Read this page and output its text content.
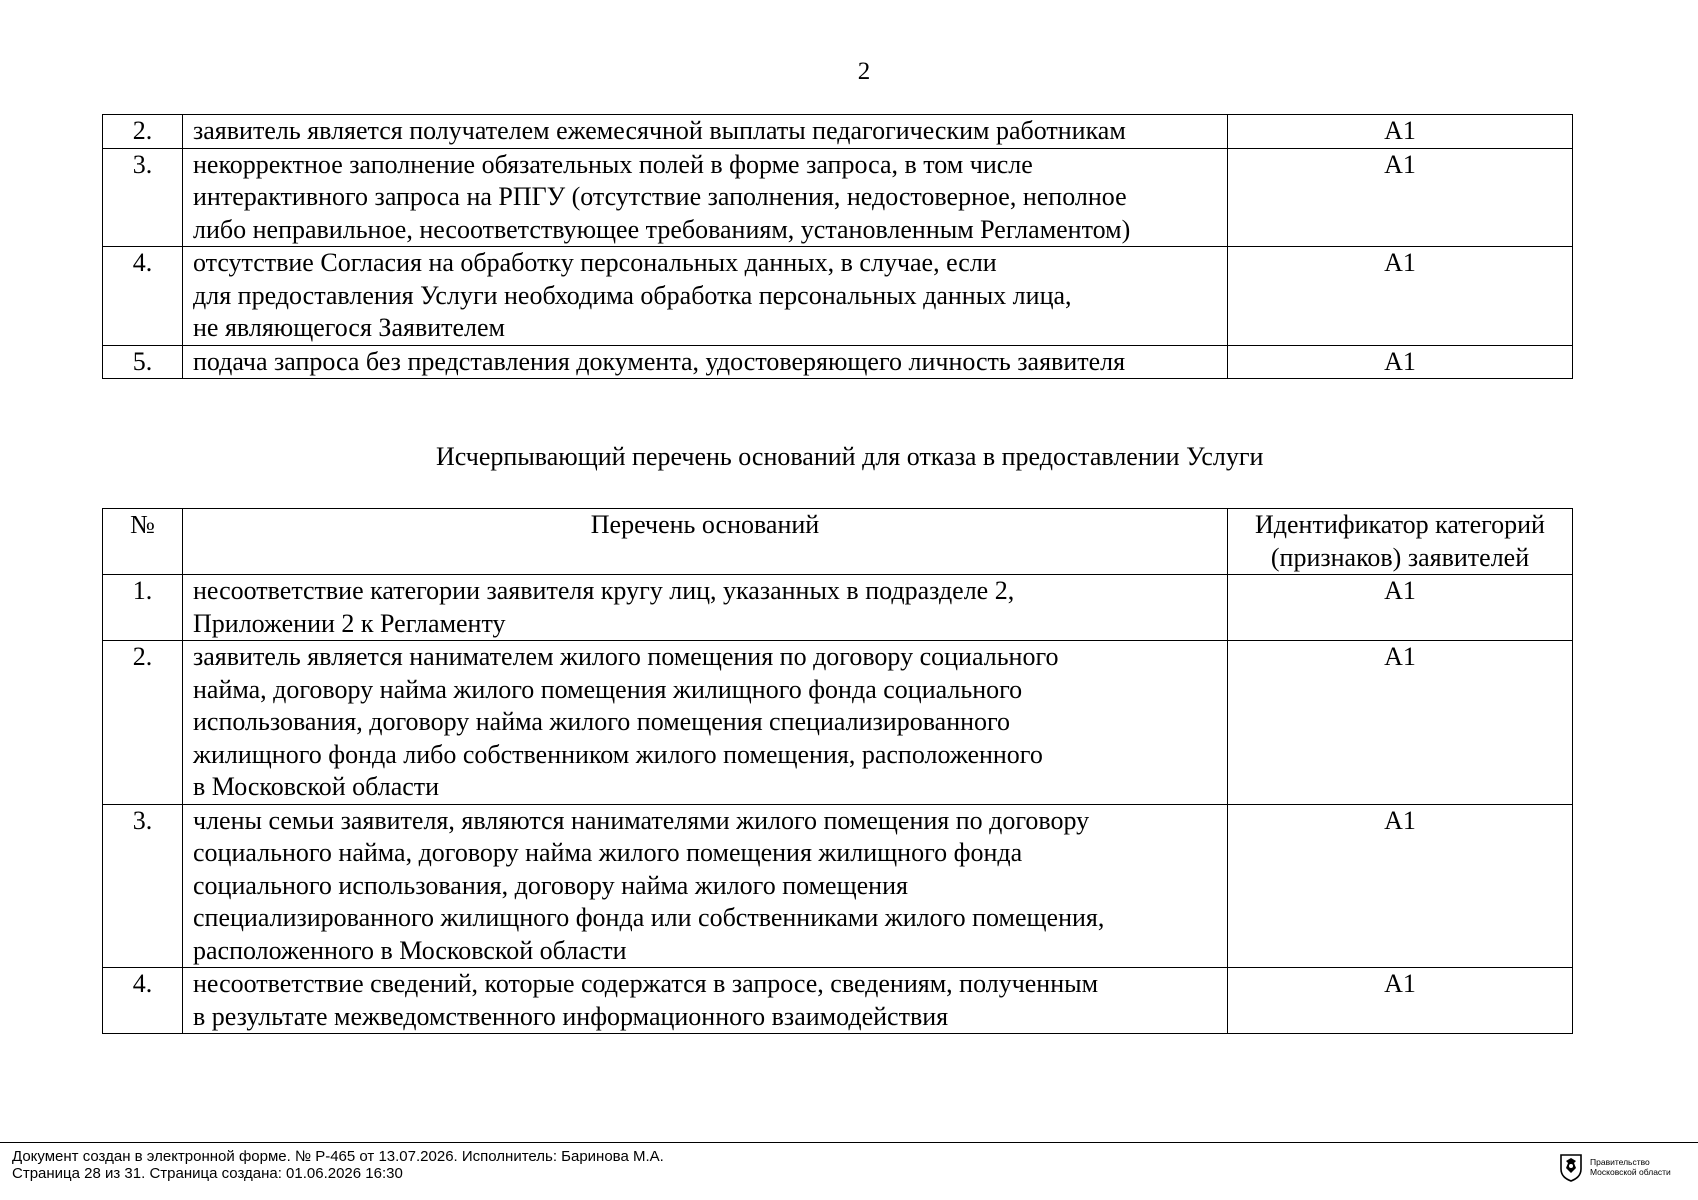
2
2.	заявитель является получателем ежемесячной выплаты педагогическим работникам	А1
3.	некорректное заполнение обязательных полей в форме запроса, в том числе
интерактивного запроса на РПГУ (отсутствие заполнения, недостоверное, неполное
либо неправильное, несоответствующее требованиям, установленным Регламентом)	А1
4.	отсутствие Согласия на обработку персональных данных, в случае, если
для предоставления Услуги необходима обработка персональных данных лица,
не являющегося Заявителем	А1
5.	подача запроса без представления документа, удостоверяющего личность заявителя	А1
Исчерпывающий перечень оснований для отказа в предоставлении Услуги
№	Перечень оснований	Идентификатор категорий
(признаков) заявителей

1.	несоответствие категории заявителя кругу лиц, указанных в подразделе 2,
Приложении 2 к Регламенту	А1
2.	заявитель является нанимателем жилого помещения по договору социального
найма, договору найма жилого помещения жилищного фонда социального
использования, договору найма жилого помещения специализированного
жилищного фонда либо собственником жилого помещения, расположенного
в Московской области	А1
3.	члены семьи заявителя, являются нанимателями жилого помещения по договору
социального найма, договору найма жилого помещения жилищного фонда
социального использования, договору найма жилого помещения
специализированного жилищного фонда или собственниками жилого помещения,
расположенного в Московской области	А1
4.	несоответствие сведений, которые содержатся в запросе, сведениям, полученным
в результате межведомственного информационного взаимодействия	А1
Документ создан в электронной форме. № Р-465 от 13.07.2026. Исполнитель: Баринова М.А.
Страница 28 из 31. Страница создана: 01.06.2026 16:30
Правительство
Московской области
